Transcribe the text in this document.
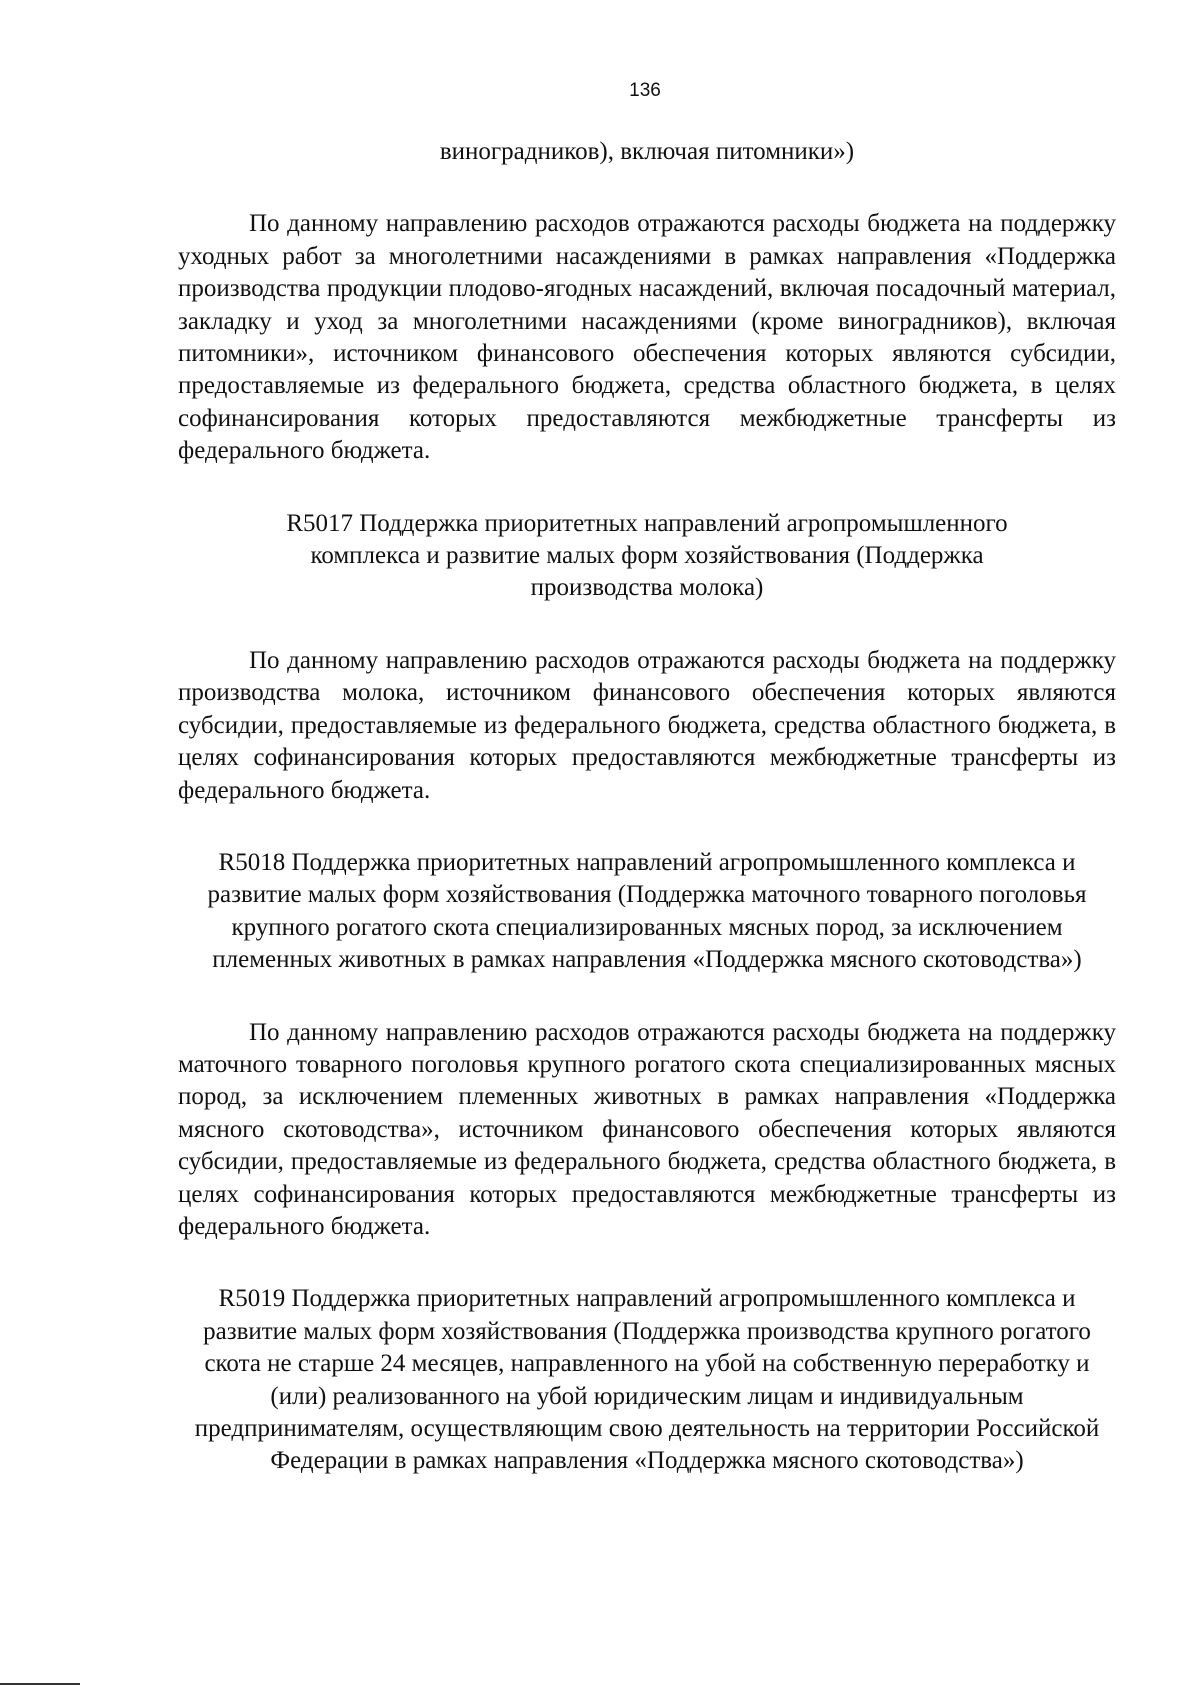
136

виноградников), включая питомники»)

По данному направлению расходов отражаются расходы бюджета на поддержку уходных работ за многолетними насаждениями в рамках направления «Поддержка производства продукции плодово-ягодных насаждений, включая посадочный материал, закладку и уход за многолетними насаждениями (кроме виноградников), включая питомники», источником финансового обеспечения которых являются субсидии, предоставляемые из федерального бюджета, средства областного бюджета, в целях софинансирования которых предоставляются межбюджетные трансферты из федерального бюджета.

R5017 Поддержка приоритетных направлений агропромышленного комплекса и развитие малых форм хозяйствования (Поддержка производства молока)

По данному направлению расходов отражаются расходы бюджета на поддержку производства молока, источником финансового обеспечения которых являются субсидии, предоставляемые из федерального бюджета, средства областного бюджета, в целях софинансирования которых предоставляются межбюджетные трансферты из федерального бюджета.

R5018 Поддержка приоритетных направлений агропромышленного комплекса и развитие малых форм хозяйствования (Поддержка маточного товарного поголовья крупного рогатого скота специализированных мясных пород, за исключением племенных животных в рамках направления «Поддержка мясного скотоводства»)

По данному направлению расходов отражаются расходы бюджета на поддержку маточного товарного поголовья крупного рогатого скота специализированных мясных пород, за исключением племенных животных в рамках направления «Поддержка мясного скотоводства», источником финансового обеспечения которых являются субсидии, предоставляемые из федерального бюджета, средства областного бюджета, в целях софинансирования которых предоставляются межбюджетные трансферты из федерального бюджета.

R5019 Поддержка приоритетных направлений агропромышленного комплекса и развитие малых форм хозяйствования (Поддержка производства крупного рогатого скота не старше 24 месяцев, направленного на убой на собственную переработку и (или) реализованного на убой юридическим лицам и индивидуальным предпринимателям, осуществляющим свою деятельность на территории Российской Федерации в рамках направления «Поддержка мясного скотоводства»)
